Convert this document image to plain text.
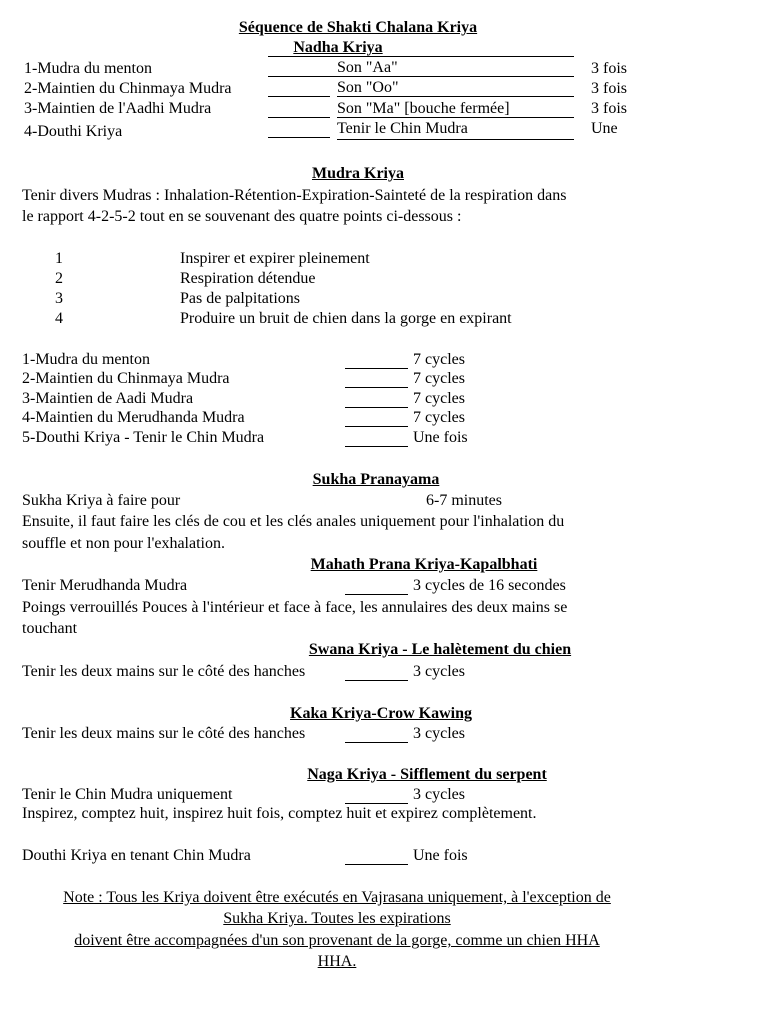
Séquence de Shakti Chalana Kriya
Nadha Kriya
1-Mudra du menton	Son "Aa"	3 fois
2-Maintien du Chinmaya Mudra	Son "Oo"	3 fois
3-Maintien de l'Aadhi Mudra	Son "Ma" [bouche fermée]	3 fois
4-Douthi Kriya	Tenir le Chin Mudra	Une
Mudra Kriya
Tenir divers Mudras : Inhalation-Rétention-Expiration-Sainteté de la respiration dans
le rapport 4-2-5-2 tout en se souvenant des quatre points ci-dessous :
1	Inspirer et expirer pleinement
2	Respiration détendue
3	Pas de palpitations
4	Produire un bruit de chien dans la gorge en expirant
1-Mudra du menton	7 cycles
2-Maintien du Chinmaya Mudra	7 cycles
3-Maintien de Aadi Mudra	7 cycles
4-Maintien du Merudhanda Mudra	7 cycles
5-Douthi Kriya - Tenir le Chin Mudra	Une fois
Sukha Pranayama
Sukha Kriya à faire pour	6-7 minutes
Ensuite, il faut faire les clés de cou et les clés anales uniquement pour l'inhalation du
souffle et non pour l'exhalation.
Mahath Prana Kriya-Kapalbhati
Tenir Merudhanda Mudra	3 cycles de 16 secondes
Poings verrouillés Pouces à l'intérieur et face à face, les annulaires des deux mains se
touchant
Swana Kriya - Le halètement du chien
Tenir les deux mains sur le côté des hanches	3 cycles
Kaka Kriya-Crow Kawing
Tenir les deux mains sur le côté des hanches	3 cycles
Naga Kriya - Sifflement du serpent
Tenir le Chin Mudra uniquement	3 cycles
Inspirez, comptez huit, inspirez huit fois, comptez huit et expirez complètement.
Douthi Kriya en tenant Chin Mudra	Une fois
Note : Tous les Kriya doivent être exécutés en Vajrasana uniquement, à l'exception de
Sukha Kriya. Toutes les expirations
doivent être accompagnées d'un son provenant de la gorge, comme un chien HHA
HHA.
